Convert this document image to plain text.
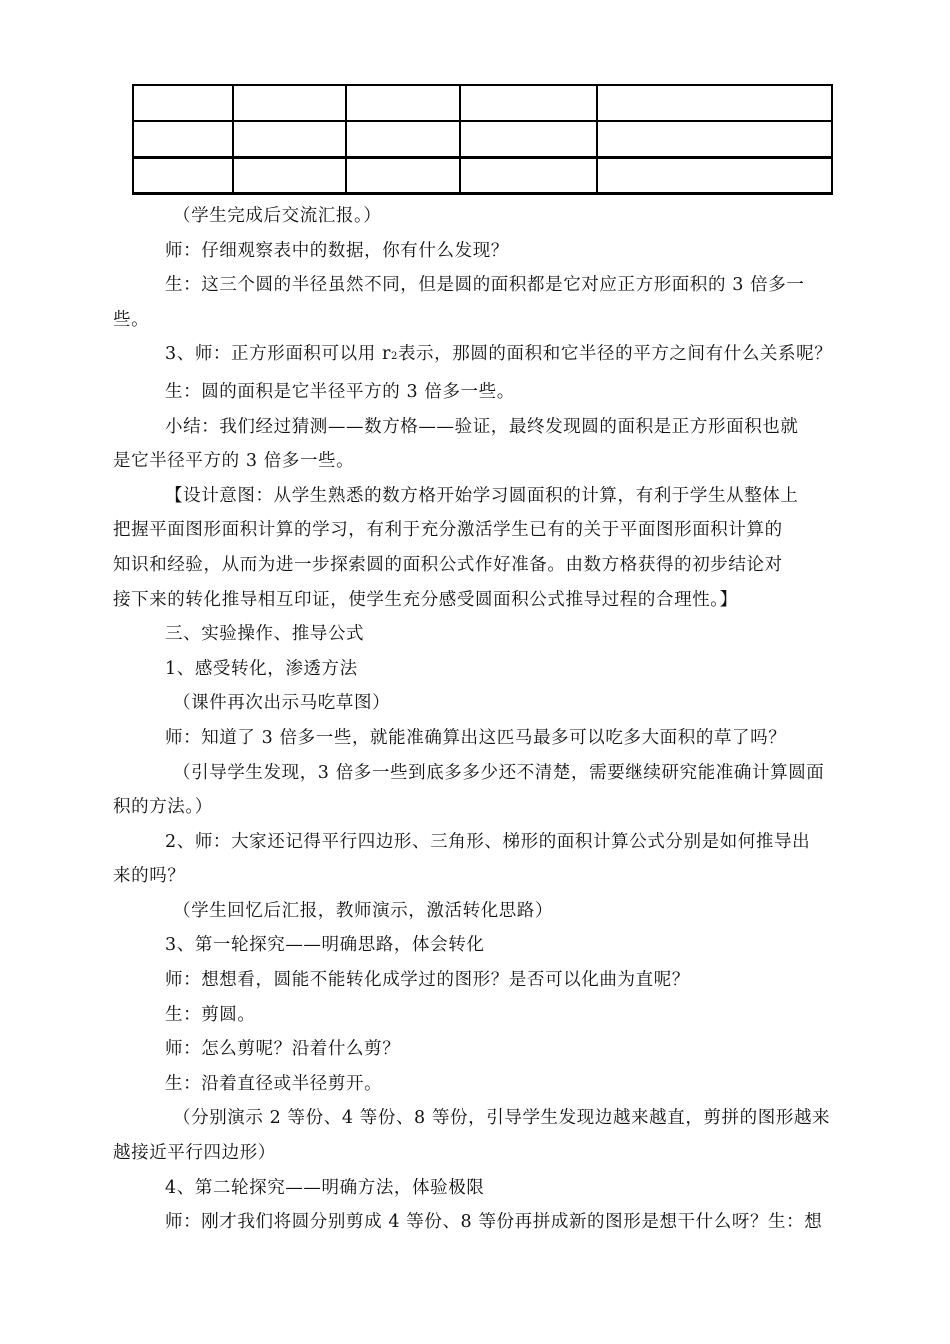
（学生完成后交流汇报。）

师：仔细观察表中的数据，你有什么发现？

生：这三个圆的半径虽然不同，但是圆的面积都是它对应正方形面积的 3 倍多一

些。

3、师：正方形面积可以用 r2表示，那圆的面积和它半径的平方之间有什么关系呢？

生：圆的面积是它半径平方的 3 倍多一些。

小结：我们经过猜测——数方格——验证，最终发现圆的面积是正方形面积也就

是它半径平方的 3 倍多一些。

【设计意图：从学生熟悉的数方格开始学习圆面积的计算，有利于学生从整体上

把握平面图形面积计算的学习，有利于充分激活学生已有的关于平面图形面积计算的

知识和经验，从而为进一步探索圆的面积公式作好准备。由数方格获得的初步结论对

接下来的转化推导相互印证，使学生充分感受圆面积公式推导过程的合理性。】

三、实验操作、推导公式

1、感受转化，渗透方法

（课件再次出示马吃草图）

师：知道了 3 倍多一些，就能准确算出这匹马最多可以吃多大面积的草了吗？

（引导学生发现，3 倍多一些到底多多少还不清楚，需要继续研究能准确计算圆面

积的方法。）

2、师：大家还记得平行四边形、三角形、梯形的面积计算公式分别是如何推导出

来的吗？

（学生回忆后汇报，教师演示，激活转化思路）

3、第一轮探究——明确思路，体会转化

师：想想看，圆能不能转化成学过的图形？是否可以化曲为直呢？

生：剪圆。

师：怎么剪呢？沿着什么剪？

生：沿着直径或半径剪开。

（分别演示 2 等份、4 等份、8 等份，引导学生发现边越来越直，剪拼的图形越来

越接近平行四边形）

4、第二轮探究——明确方法，体验极限

师：刚才我们将圆分别剪成 4 等份、8 等份再拼成新的图形是想干什么呀？生：想
